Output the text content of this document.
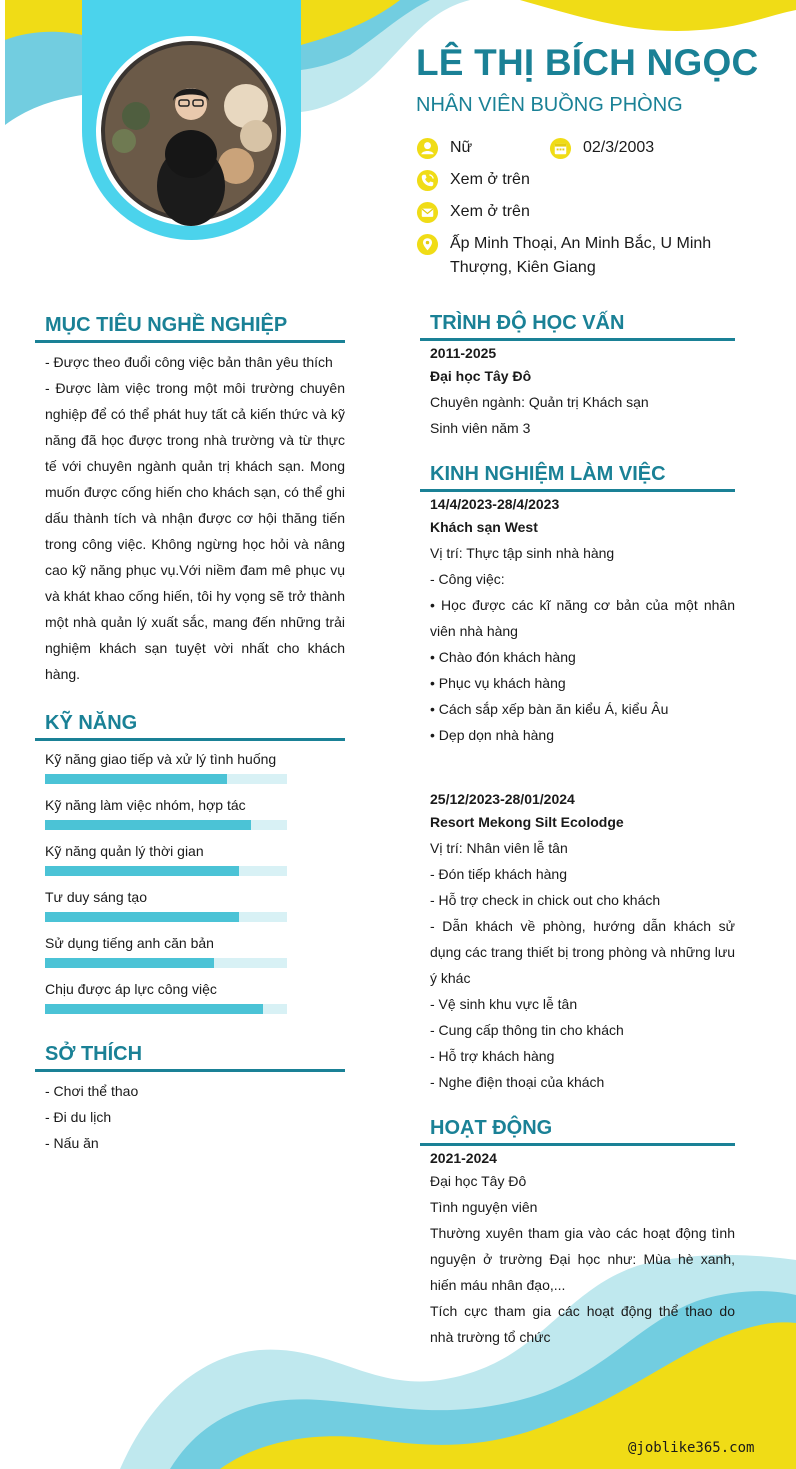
LÊ THỊ BÍCH NGỌC
NHÂN VIÊN BUỒNG PHÒNG
Nữ	02/3/2003
Xem ở trên
Xem ở trên
Ấp Minh Thoại, An Minh Bắc, U Minh Thượng, Kiên Giang
MỤC TIÊU NGHỀ NGHIỆP

- Được theo đuổi công việc bản thân yêu thích

- Được làm việc trong một môi trường chuyên nghiệp để có thể phát huy tất cả kiến thức và kỹ năng đã học được trong nhà trường và từ thực tế với chuyên ngành quản trị khách sạn. Mong muốn được cống hiến cho khách sạn, có thể ghi dấu thành tích và nhận được cơ hội thăng tiến trong công việc. Không ngừng học hỏi và nâng cao kỹ năng phục vụ.Với niềm đam mê phục vụ và khát khao cống hiến, tôi hy vọng sẽ trở thành một nhà quản lý xuất sắc, mang đến những trải nghiệm khách sạn tuyệt vời nhất cho khách hàng.

KỸ NĂNG
Kỹ năng giao tiếp và xử lý tình huống
Kỹ năng làm việc nhóm, hợp tác
Kỹ năng quản lý thời gian
Tư duy sáng tạo
Sử dụng tiếng anh căn bản
Chịu được áp lực công việc
SỞ THÍCH

- Chơi thể thao

- Đi du lịch

- Nấu ăn

TRÌNH ĐỘ HỌC VẤN
2011-2025
Đại học Tây Đô
Chuyên ngành: Quản trị Khách sạn
Sinh viên năm 3
KINH NGHIỆM LÀM VIỆC
14/4/2023-28/4/2023
Khách sạn West
Vị trí: Thực tập sinh nhà hàng
- Công việc:
• Học được các kĩ năng cơ bản của một nhân viên nhà hàng
• Chào đón khách hàng
• Phục vụ khách hàng
• Cách sắp xếp bàn ăn kiểu Á, kiểu Âu
• Dẹp dọn nhà hàng
25/12/2023-28/01/2024
Resort Mekong Silt Ecolodge
Vị trí: Nhân viên lễ tân
- Đón tiếp khách hàng
- Hỗ trợ check in chick out cho khách
- Dẫn khách về phòng, hướng dẫn khách sử dụng các trang thiết bị trong phòng và những lưu ý khác
- Vệ sinh khu vực lễ tân
- Cung cấp thông tin cho khách
- Hỗ trợ khách hàng
- Nghe điện thoại của khách
HOẠT ĐỘNG
2021-2024
Đại học Tây Đô
Tình nguyện viên
Thường xuyên tham gia vào các hoạt động tình nguyện ở trường Đại học như: Mùa hè xanh, hiến máu nhân đạo,...
Tích cực tham gia các hoạt động thể thao do nhà trường tổ chức
@joblike365.com
